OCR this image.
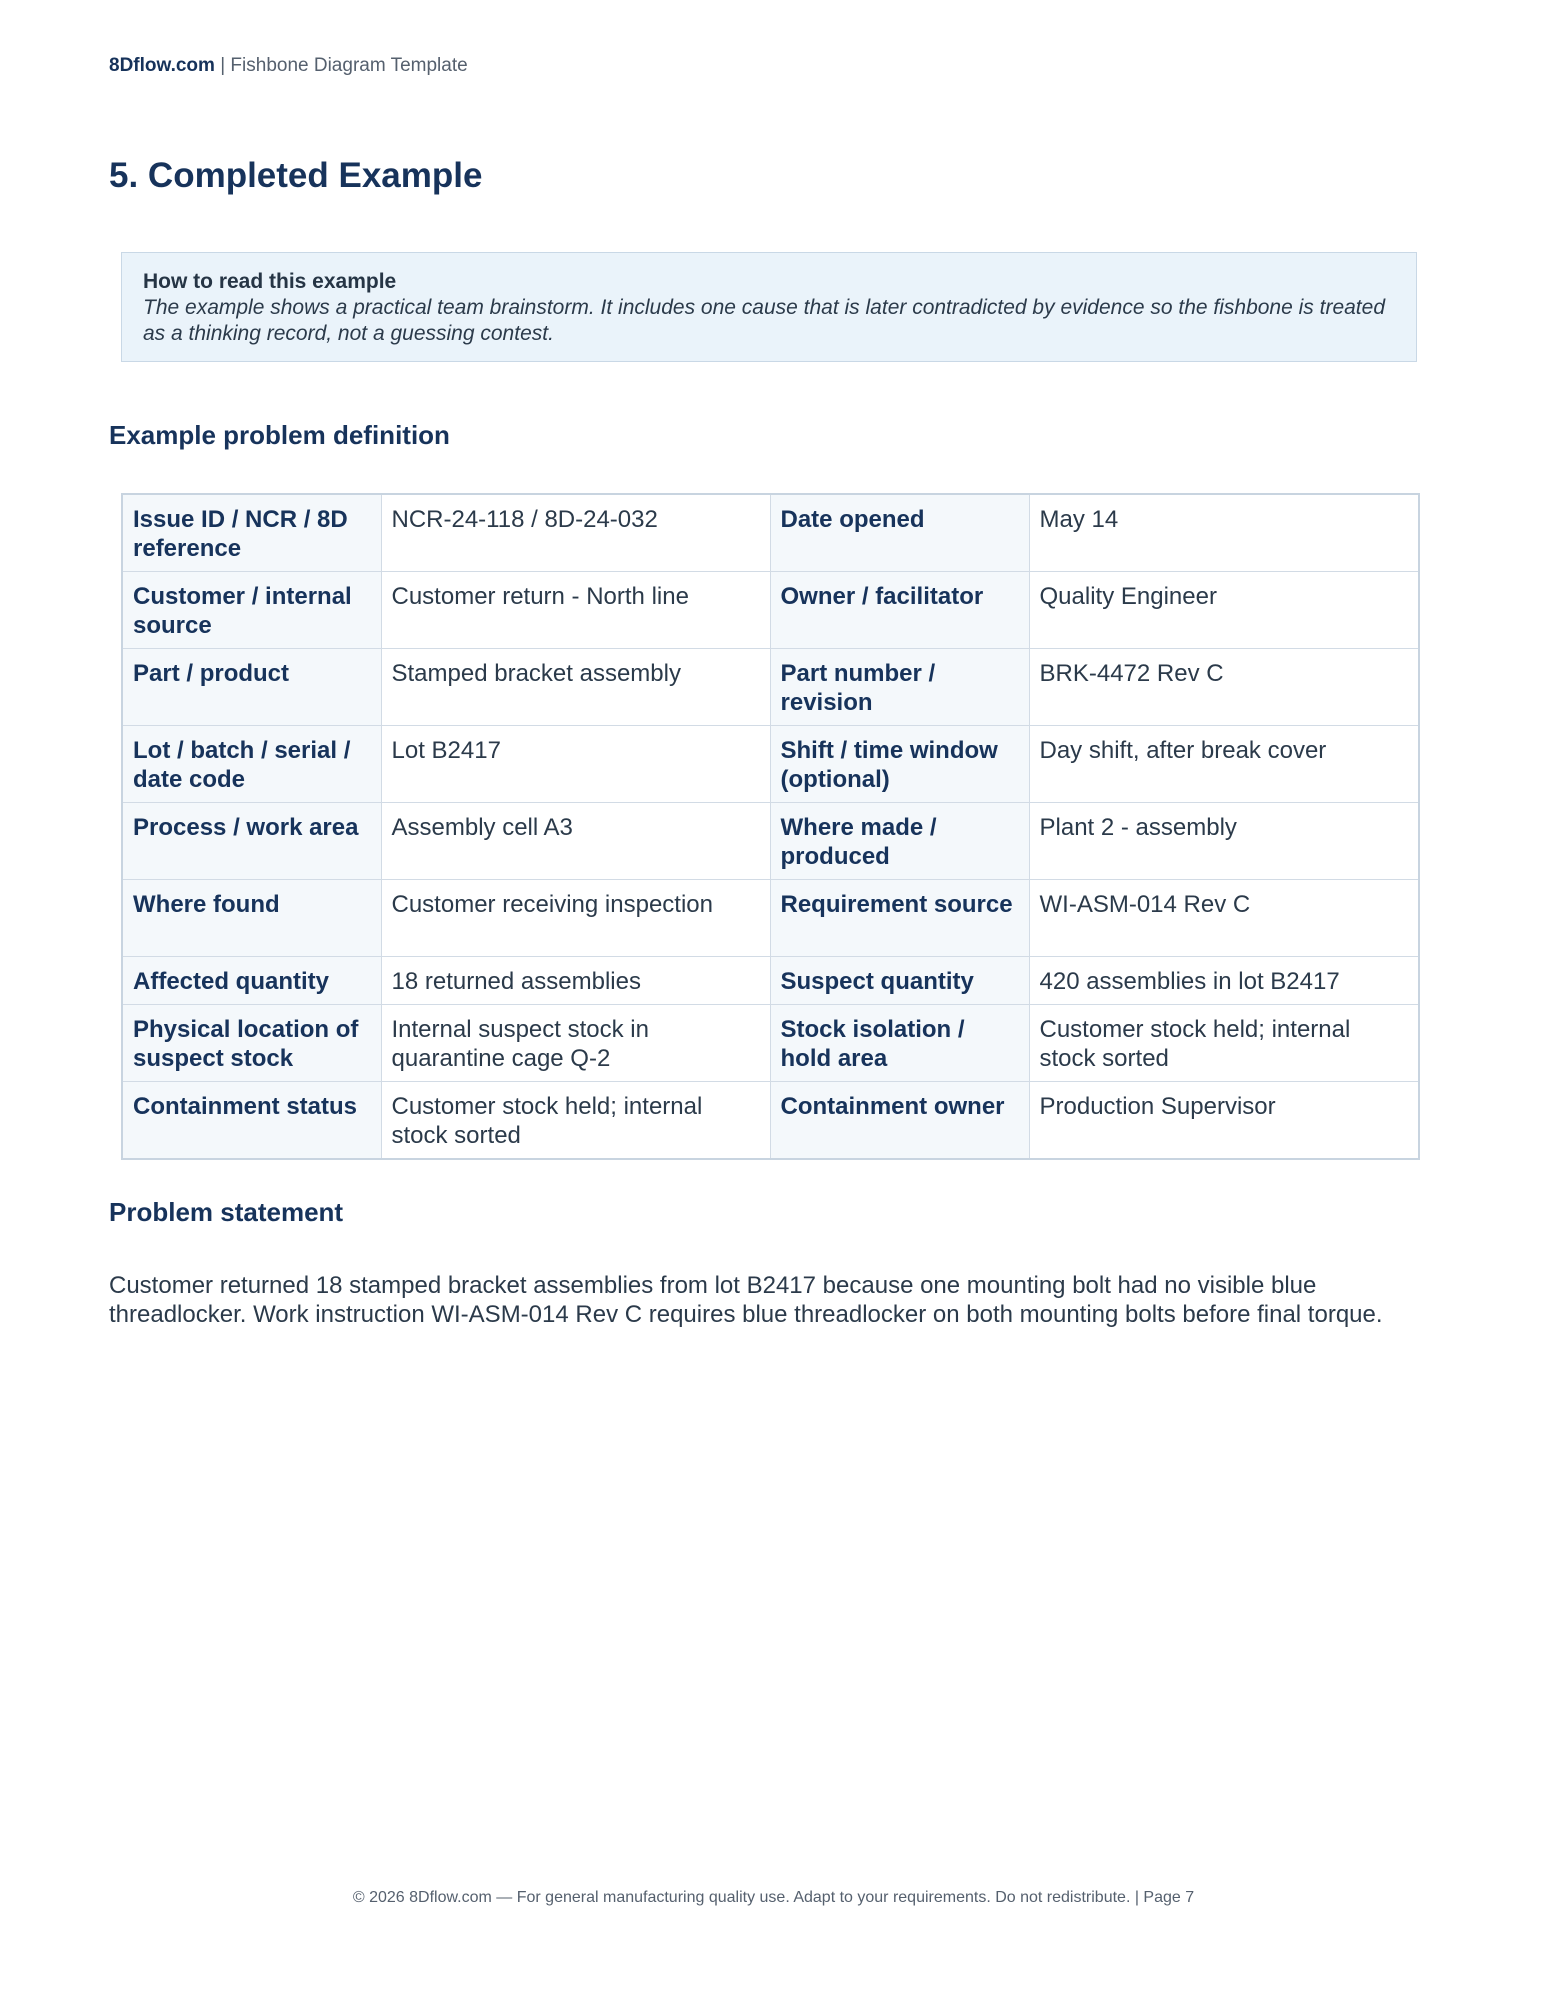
8Dflow.com | Fishbone Diagram Template
5. Completed Example
How to read this example
The example shows a practical team brainstorm. It includes one cause that is later contradicted by evidence so the fishbone is treated as a thinking record, not a guessing contest.
Example problem definition
Issue ID / NCR / 8D reference	NCR-24-118 / 8D-24-032	Date opened	May 14
Customer / internal source	Customer return - North line	Owner / facilitator	Quality Engineer
Part / product	Stamped bracket assembly	Part number / revision	BRK-4472 Rev C
Lot / batch / serial / date code	Lot B2417	Shift / time window (optional)	Day shift, after break cover
Process / work area	Assembly cell A3	Where made / produced	Plant 2 - assembly
Where found	Customer receiving inspection	Requirement source	WI-ASM-014 Rev C
Affected quantity	18 returned assemblies	Suspect quantity	420 assemblies in lot B2417
Physical location of suspect stock	Internal suspect stock in quarantine cage Q-2	Stock isolation / hold area	Customer stock held; internal stock sorted
Containment status	Customer stock held; internal stock sorted	Containment owner	Production Supervisor
Problem statement

Customer returned 18 stamped bracket assemblies from lot B2417 because one mounting bolt had no visible blue threadlocker. Work instruction WI-ASM-014 Rev C requires blue threadlocker on both mounting bolts before final torque.

© 2026 8Dflow.com — For general manufacturing quality use. Adapt to your requirements. Do not redistribute. | Page 7
